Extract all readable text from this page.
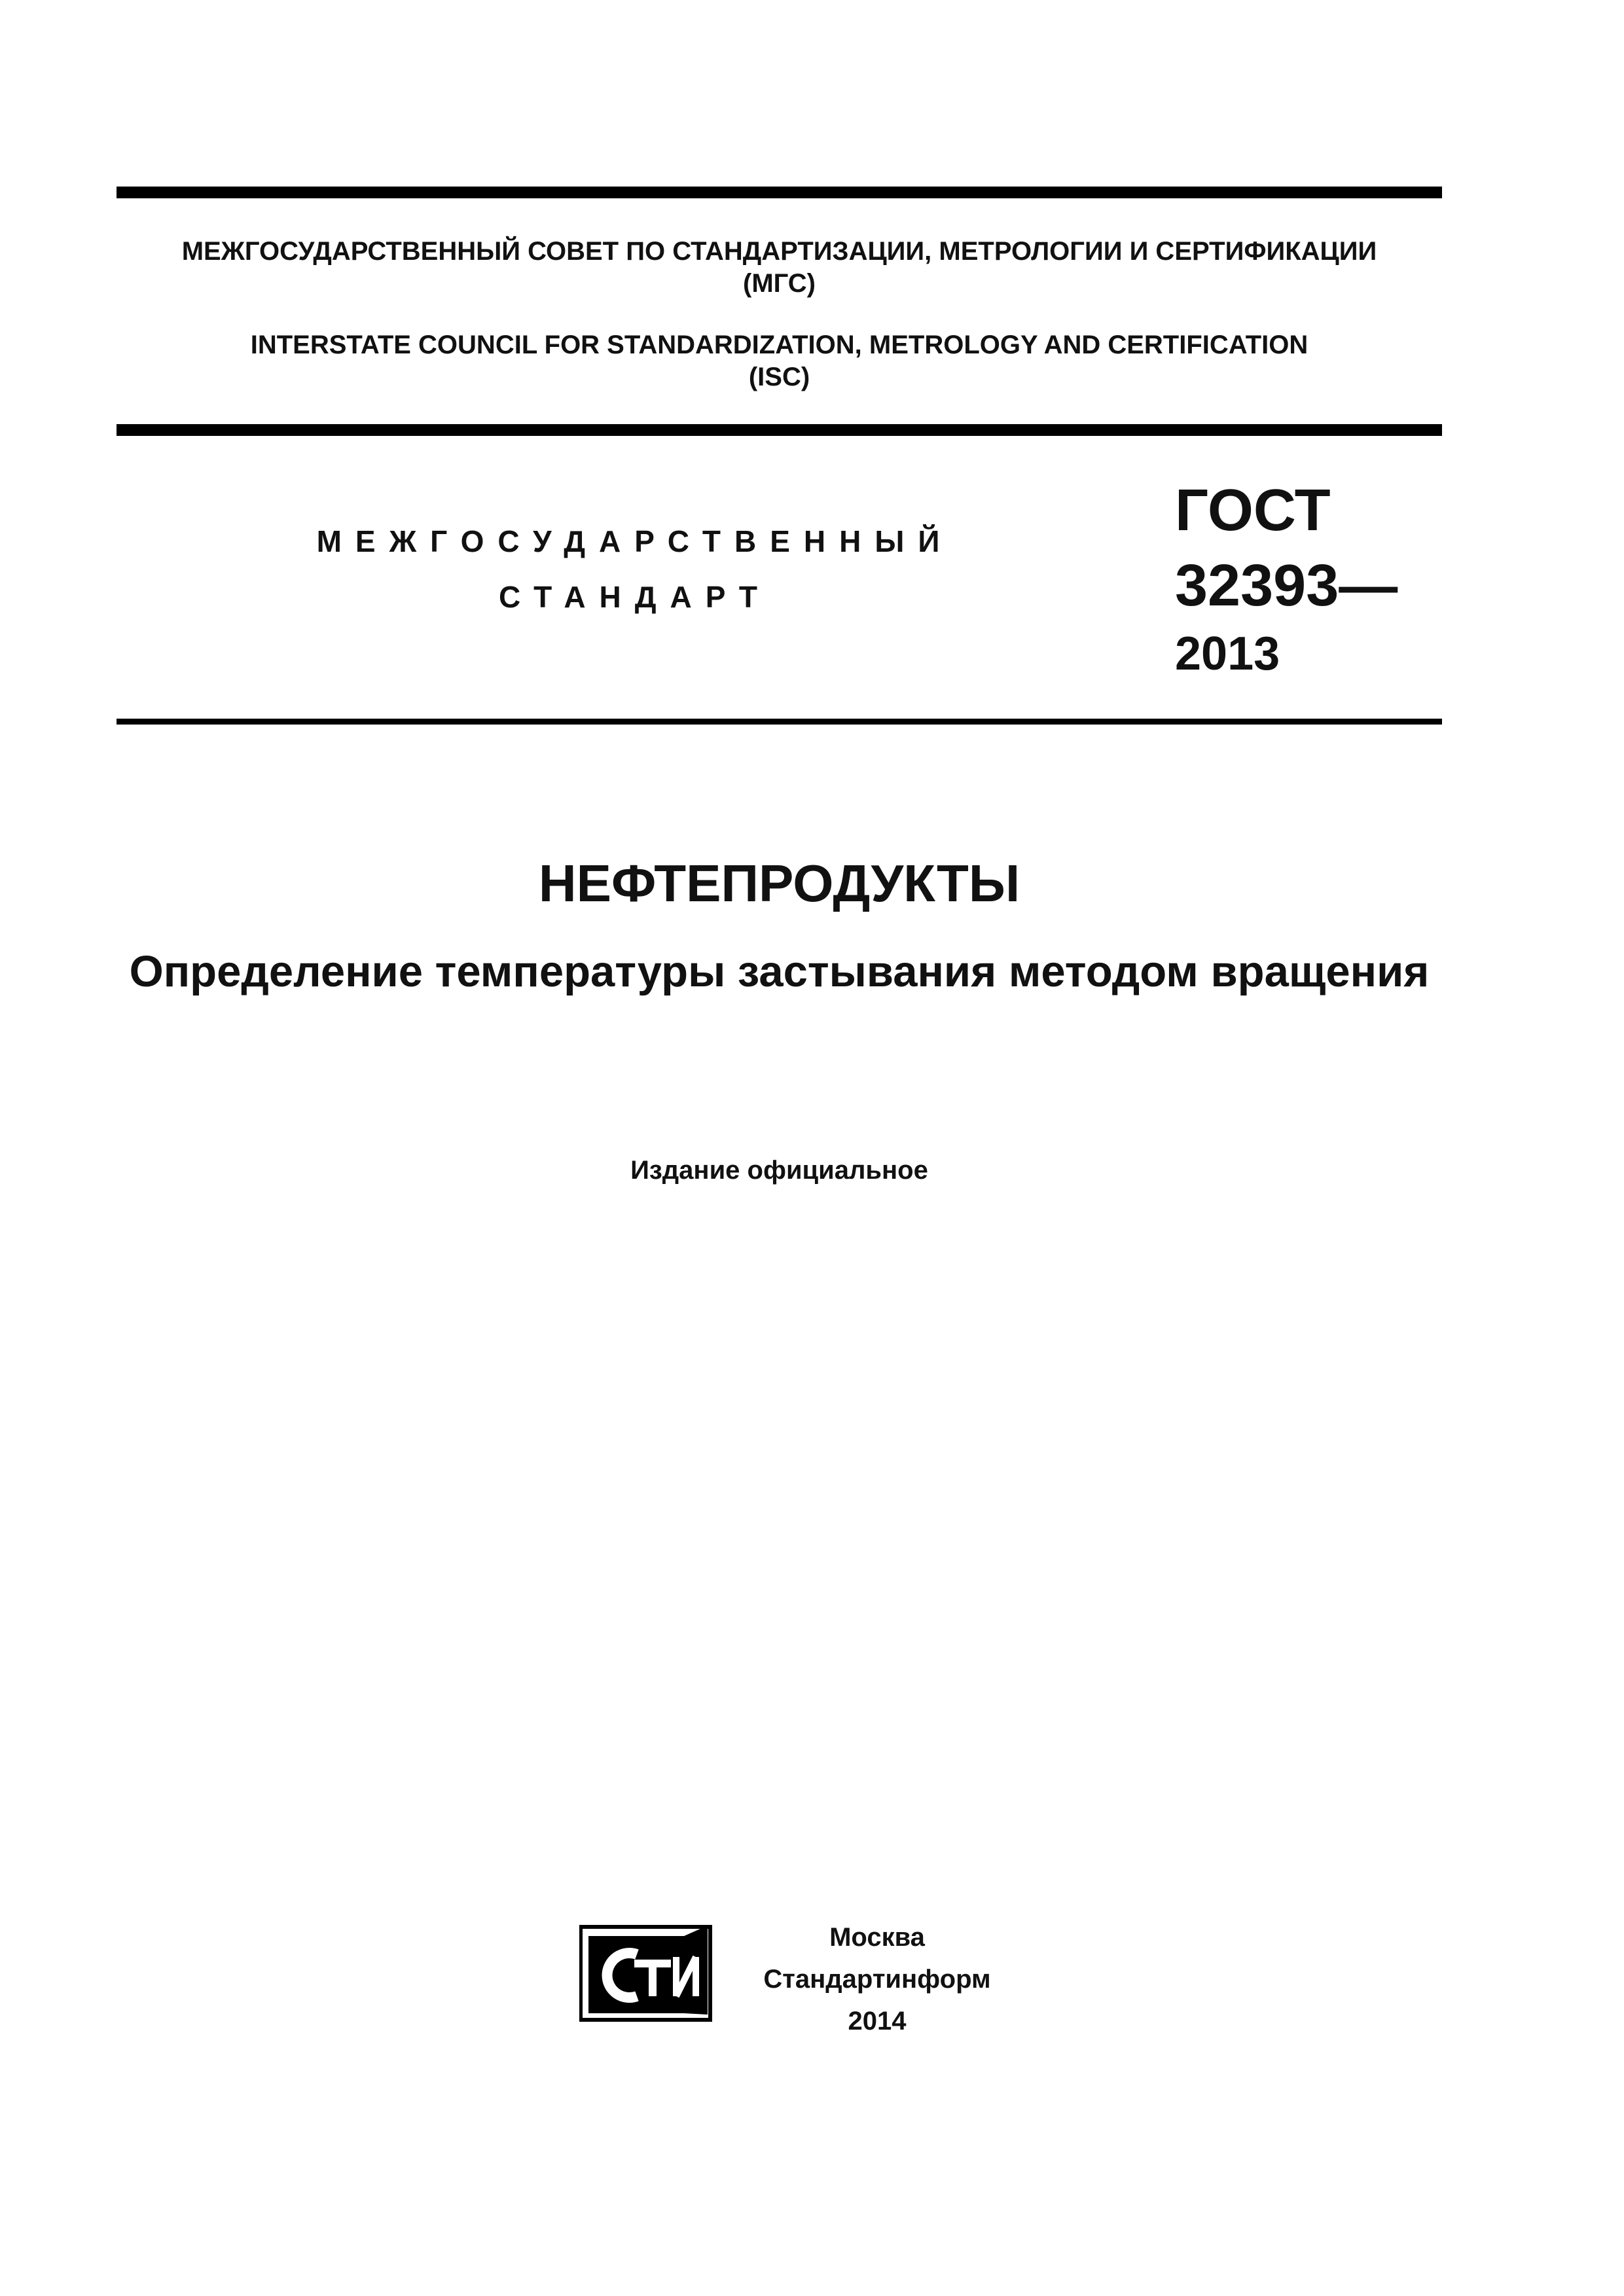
МЕЖГОСУДАРСТВЕННЫЙ СОВЕТ ПО СТАНДАРТИЗАЦИИ, МЕТРОЛОГИИ И СЕРТИФИКАЦИИ
(МГС)
INTERSTATE COUNCIL FOR STANDARDIZATION, METROLOGY AND CERTIFICATION
(ISC)
МЕЖГОСУДАРСТВЕННЫЙ
СТАНДАРТ
ГОСТ
32393—
2013
НЕФТЕПРОДУКТЫ
Определение температуры застывания методом вращения
Издание официальное
Москва
Стандартинформ
2014
